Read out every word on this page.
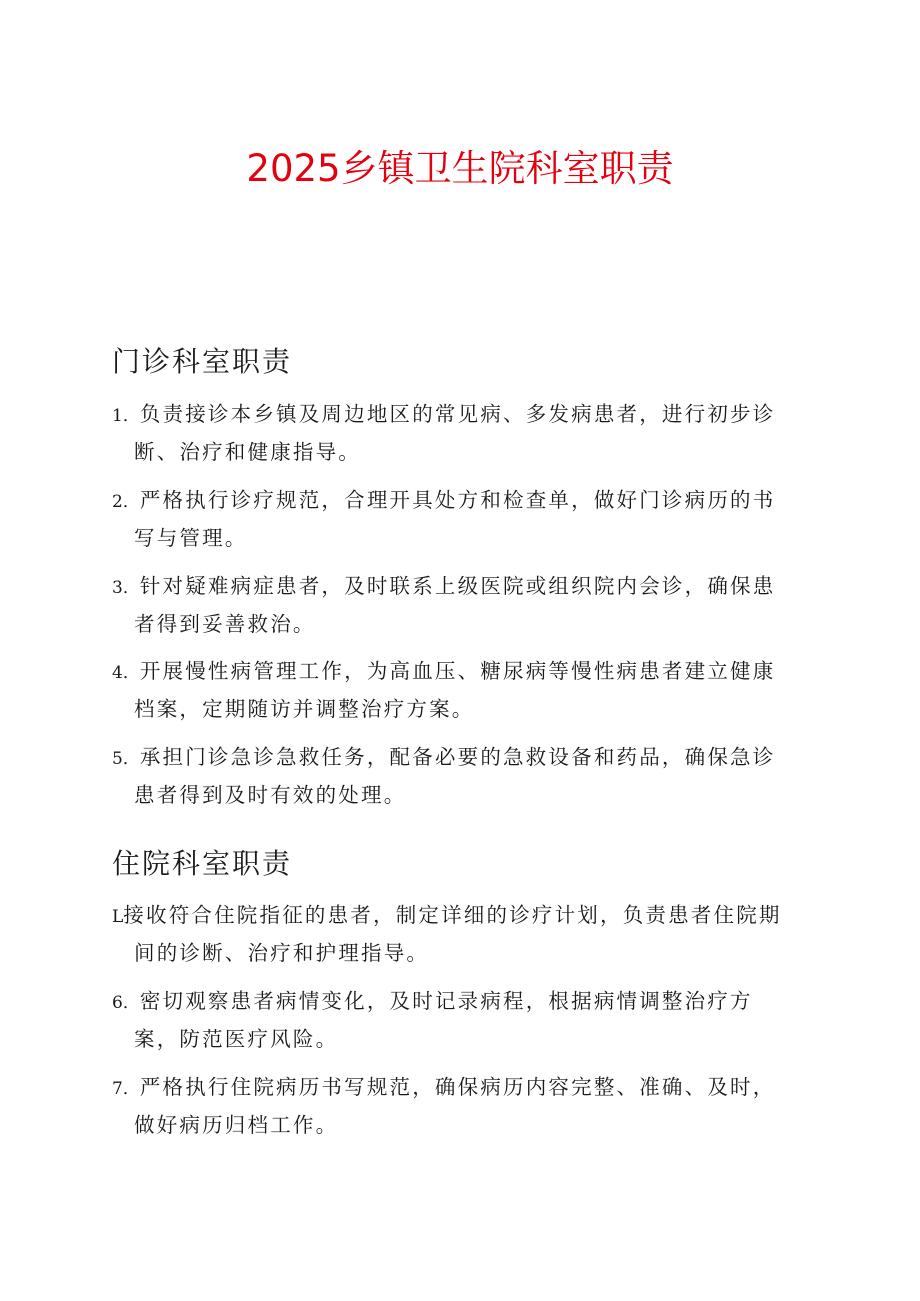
2025乡镇卫生院科室职责
门诊科室职责
1．负责接诊本乡镇及周边地区的常见病、多发病患者，进行初步诊
断、治疗和健康指导。
2．严格执行诊疗规范，合理开具处方和检查单，做好门诊病历的书
写与管理。
3．针对疑难病症患者，及时联系上级医院或组织院内会诊，确保患
者得到妥善救治。
4．开展慢性病管理工作，为高血压、糖尿病等慢性病患者建立健康
档案，定期随访并调整治疗方案。
5．承担门诊急诊急救任务，配备必要的急救设备和药品，确保急诊
患者得到及时有效的处理。
住院科室职责
L接收符合住院指征的患者，制定详细的诊疗计划，负责患者住院期
间的诊断、治疗和护理指导。
6．密切观察患者病情变化，及时记录病程，根据病情调整治疗方
案，防范医疗风险。
7．严格执行住院病历书写规范，确保病历内容完整、准确、及时，
做好病历归档工作。
